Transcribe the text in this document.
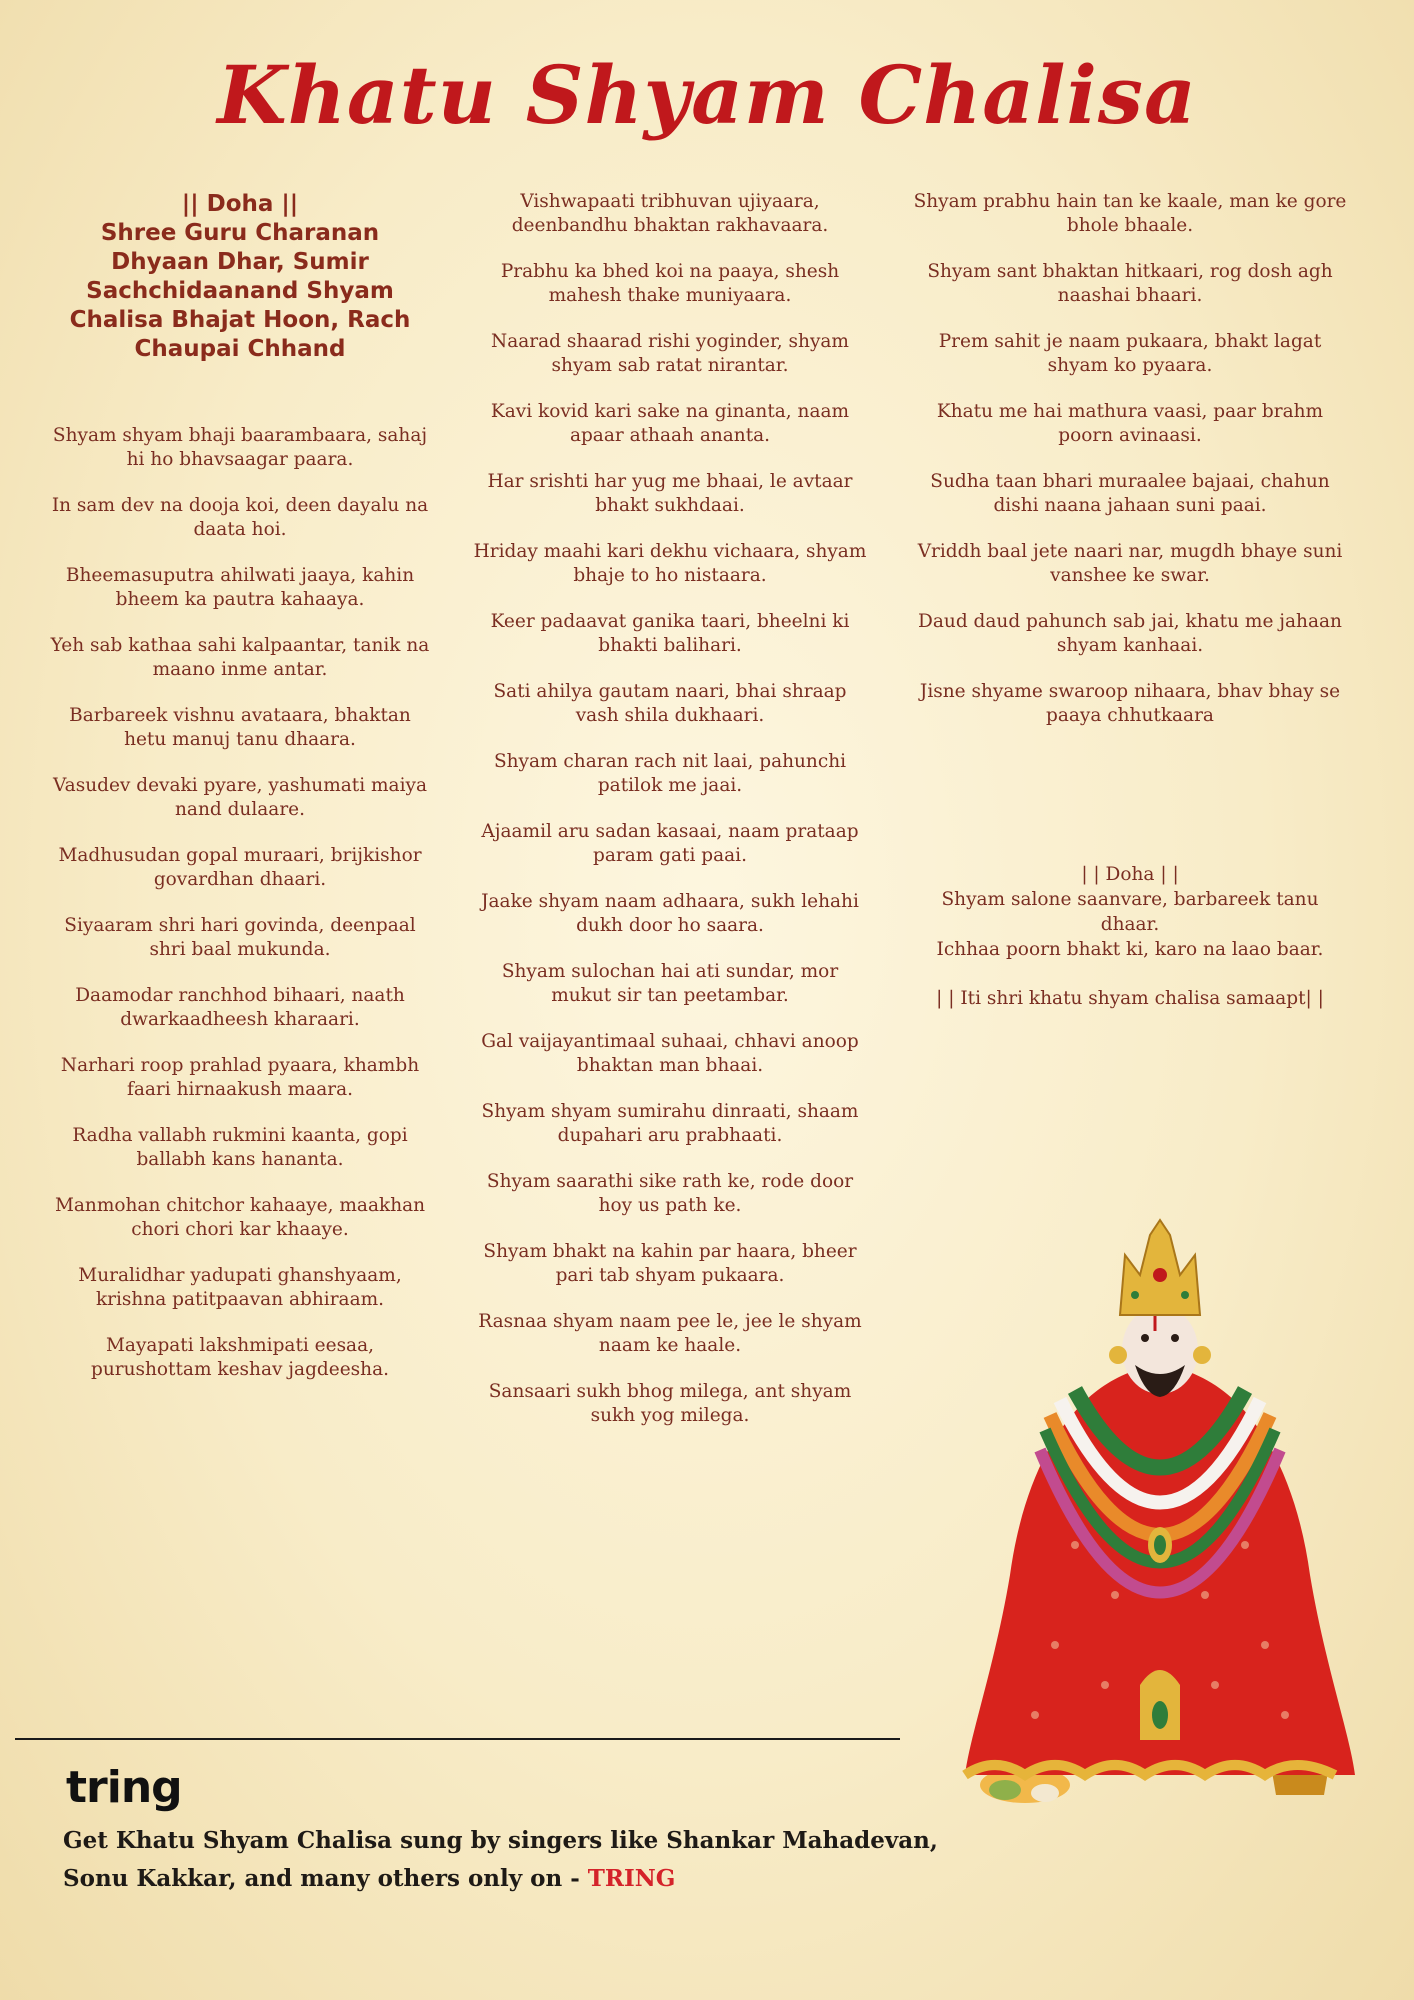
Khatu Shyam Chalisa
|| Doha ||
Shree Guru Charanan Dhyaan Dhar, Sumir Sachchidaanand Shyam Chalisa Bhajat Hoon, Rach Chaupai Chhand

Shyam shyam bhaji baarambaara, sahaj hi ho bhavsaagar paara.

In sam dev na dooja koi, deen dayalu na daata hoi.

Bheemasuputra ahilwati jaaya, kahin bheem ka pautra kahaaya.

Yeh sab kathaa sahi kalpaantar, tanik na maano inme antar.

Barbareek vishnu avataara, bhaktan hetu manuj tanu dhaara.

Vasudev devaki pyare, yashumati maiya nand dulaare.

Madhusudan gopal muraari, brijkishor govardhan dhaari.

Siyaaram shri hari govinda, deenpaal shri baal mukunda.

Daamodar ranchhod bihaari, naath dwarkaadheesh kharaari.

Narhari roop prahlad pyaara, khambh faari hirnaakush maara.

Radha vallabh rukmini kaanta, gopi ballabh kans hananta.

Manmohan chitchor kahaaye, maakhan chori chori kar khaaye.

Muralidhar yadupati ghanshyaam, krishna patitpaavan abhiraam.

Mayapati lakshmipati eesaa, purushottam keshav jagdeesha.

Vishwapaati tribhuvan ujiyaara, deenbandhu bhaktan rakhavaara.

Prabhu ka bhed koi na paaya, shesh mahesh thake muniyaara.

Naarad shaarad rishi yoginder, shyam shyam sab ratat nirantar.

Kavi kovid kari sake na ginanta, naam apaar athaah ananta.

Har srishti har yug me bhaai, le avtaar bhakt sukhdaai.

Hriday maahi kari dekhu vichaara, shyam bhaje to ho nistaara.

Keer padaavat ganika taari, bheelni ki bhakti balihari.

Sati ahilya gautam naari, bhai shraap vash shila dukhaari.

Shyam charan rach nit laai, pahunchi patilok me jaai.

Ajaamil aru sadan kasaai, naam prataap param gati paai.

Jaake shyam naam adhaara, sukh lehahi dukh door ho saara.

Shyam sulochan hai ati sundar, mor mukut sir tan peetambar.

Gal vaijayantimaal suhaai, chhavi anoop bhaktan man bhaai.

Shyam shyam sumirahu dinraati, shaam dupahari aru prabhaati.

Shyam saarathi sike rath ke, rode door hoy us path ke.

Shyam bhakt na kahin par haara, bheer pari tab shyam pukaara.

Rasnaa shyam naam pee le, jee le shyam naam ke haale.

Sansaari sukh bhog milega, ant shyam sukh yog milega.

Shyam prabhu hain tan ke kaale, man ke gore bhole bhaale.

Shyam sant bhaktan hitkaari, rog dosh agh naashai bhaari.

Prem sahit je naam pukaara, bhakt lagat shyam ko pyaara.

Khatu me hai mathura vaasi, paar brahm poorn avinaasi.

Sudha taan bhari muraalee bajaai, chahun dishi naana jahaan suni paai.

Vriddh baal jete naari nar, mugdh bhaye suni vanshee ke swar.

Daud daud pahunch sab jai, khatu me jahaan shyam kanhaai.

Jisne shyame swaroop nihaara, bhav bhay se paaya chhutkaara

| | Doha | |

Shyam salone saanvare, barbareek tanu dhaar.

Ichhaa poorn bhakt ki, karo na laao baar.

| | Iti shri khatu shyam chalisa samaapt| |

tring
Get Khatu Shyam Chalisa sung by singers like Shankar Mahadevan, Sonu Kakkar, and many others only on - TRING
